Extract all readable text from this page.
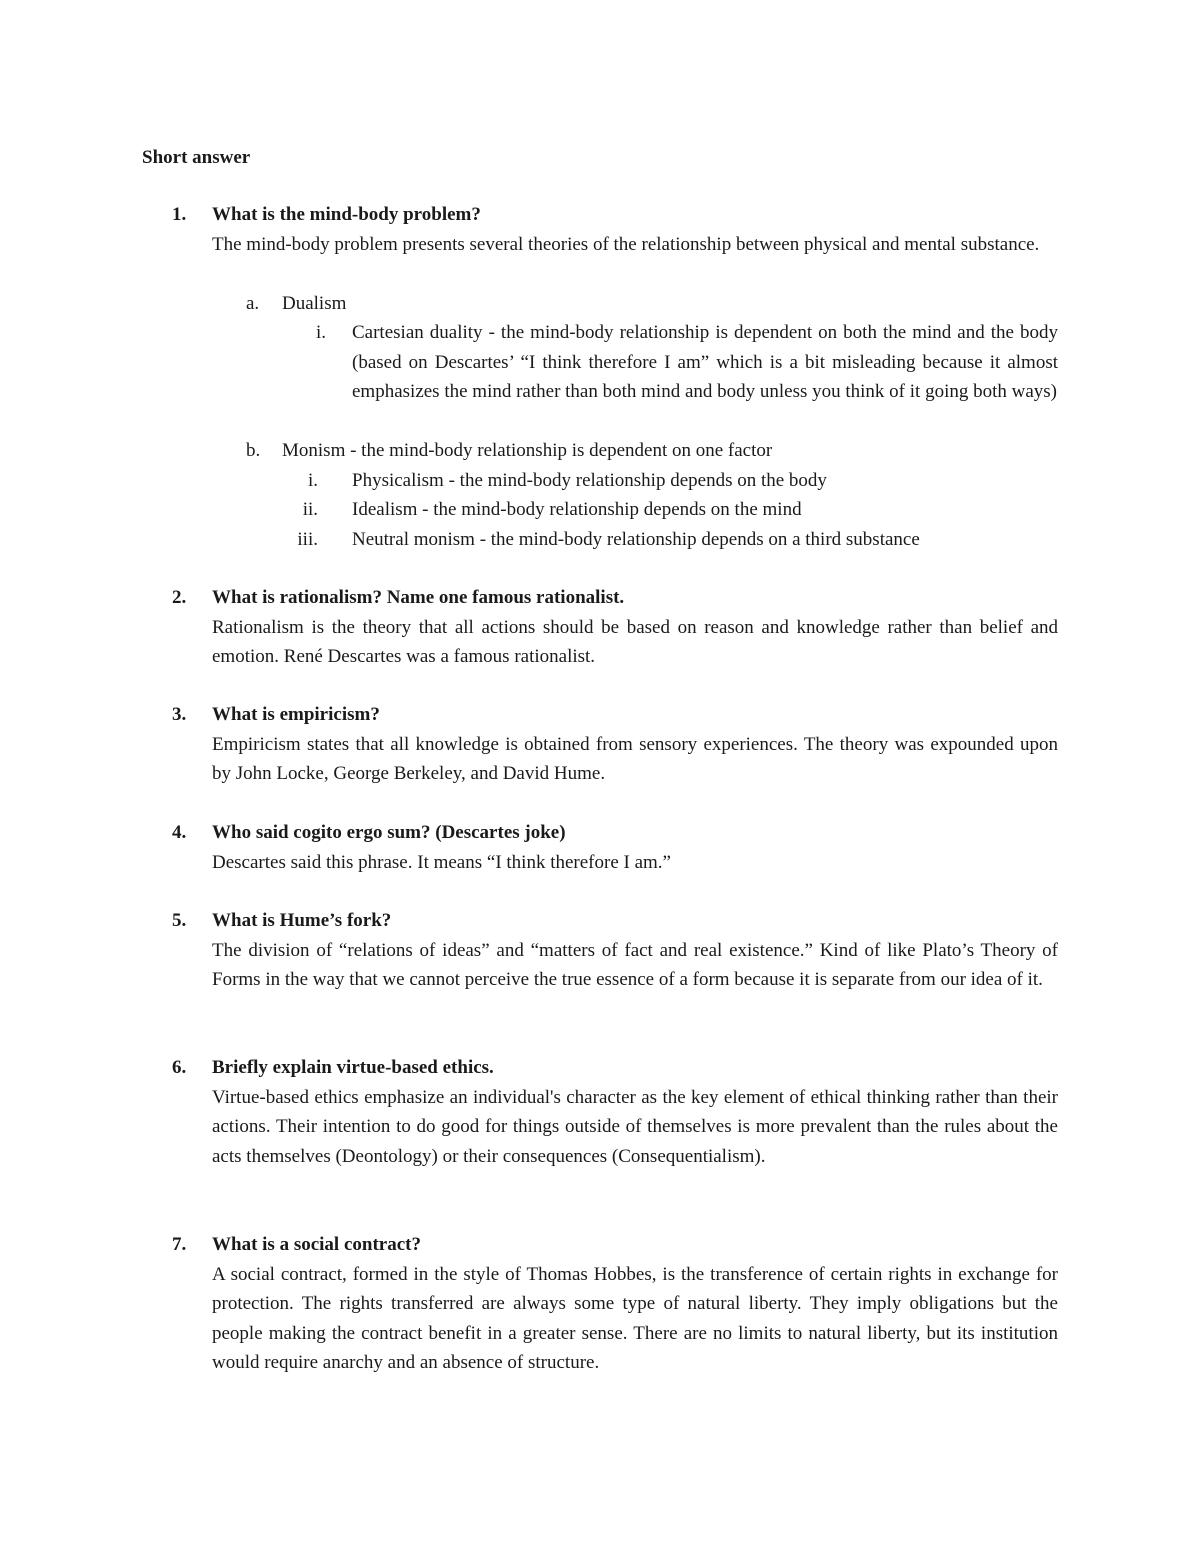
Short answer
1. What is the mind-body problem?
The mind-body problem presents several theories of the relationship between physical and mental substance.
a. Dualism
i. Cartesian duality - the mind-body relationship is dependent on both the mind and the body (based on Descartes’ “I think therefore I am” which is a bit misleading because it almost emphasizes the mind rather than both mind and body unless you think of it going both ways)
b. Monism - the mind-body relationship is dependent on one factor
i. Physicalism - the mind-body relationship depends on the body
ii. Idealism - the mind-body relationship depends on the mind
iii. Neutral monism - the mind-body relationship depends on a third substance
2. What is rationalism? Name one famous rationalist.
Rationalism is the theory that all actions should be based on reason and knowledge rather than belief and emotion. René Descartes was a famous rationalist.
3. What is empiricism?
Empiricism states that all knowledge is obtained from sensory experiences. The theory was expounded upon by John Locke, George Berkeley, and David Hume.
4. Who said cogito ergo sum? (Descartes joke)
Descartes said this phrase. It means “I think therefore I am.”
5. What is Hume’s fork?
The division of “relations of ideas” and “matters of fact and real existence.” Kind of like Plato’s Theory of Forms in the way that we cannot perceive the true essence of a form because it is separate from our idea of it.
6. Briefly explain virtue-based ethics.
Virtue-based ethics emphasize an individual's character as the key element of ethical thinking rather than their actions. Their intention to do good for things outside of themselves is more prevalent than the rules about the acts themselves (Deontology) or their consequences (Consequentialism).
7. What is a social contract?
A social contract, formed in the style of Thomas Hobbes, is the transference of certain rights in exchange for protection. The rights transferred are always some type of natural liberty. They imply obligations but the people making the contract benefit in a greater sense. There are no limits to natural liberty, but its institution would require anarchy and an absence of structure.
